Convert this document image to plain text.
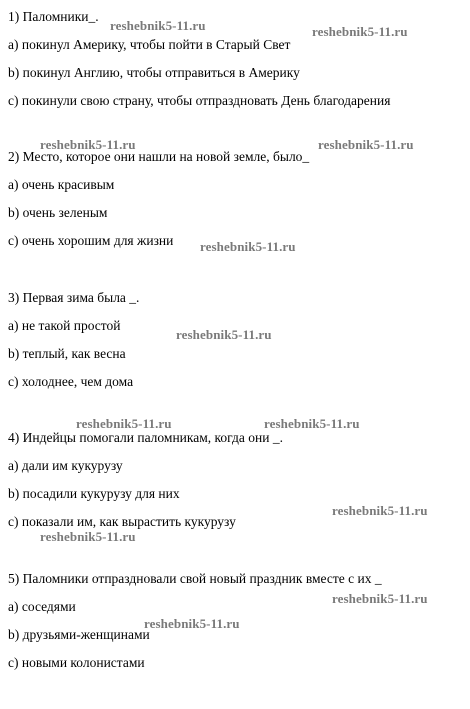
1) Паломники_.
a) покинул Америку, чтобы пойти в Старый Свет
b) покинул Англию, чтобы отправиться в Америку
c) покинули свою страну, чтобы отпраздновать День благодарения
2) Место, которое они нашли на новой земле, было_
a) очень красивым
b) очень зеленым
c) очень хорошим для жизни
3) Первая зима была _.
a) не такой простой
b) теплый, как весна
c) холоднее, чем дома
4) Индейцы помогали паломникам, когда они _.
a) дали им кукурузу
b) посадили кукурузу для них
c) показали им, как вырастить кукурузу
5) Паломники отпраздновали свой новый праздник вместе с их _
a) соседями
b) друзьями-женщинами
c) новыми колонистами
reshebnik5-11.ru	reshebnik5-11.ru
reshebnik5-11.ru	reshebnik5-11.ru
reshebnik5-11.ru
reshebnik5-11.ru
reshebnik5-11.ru	reshebnik5-11.ru
reshebnik5-11.ru
reshebnik5-11.ru
reshebnik5-11.ru
reshebnik5-11.ru
